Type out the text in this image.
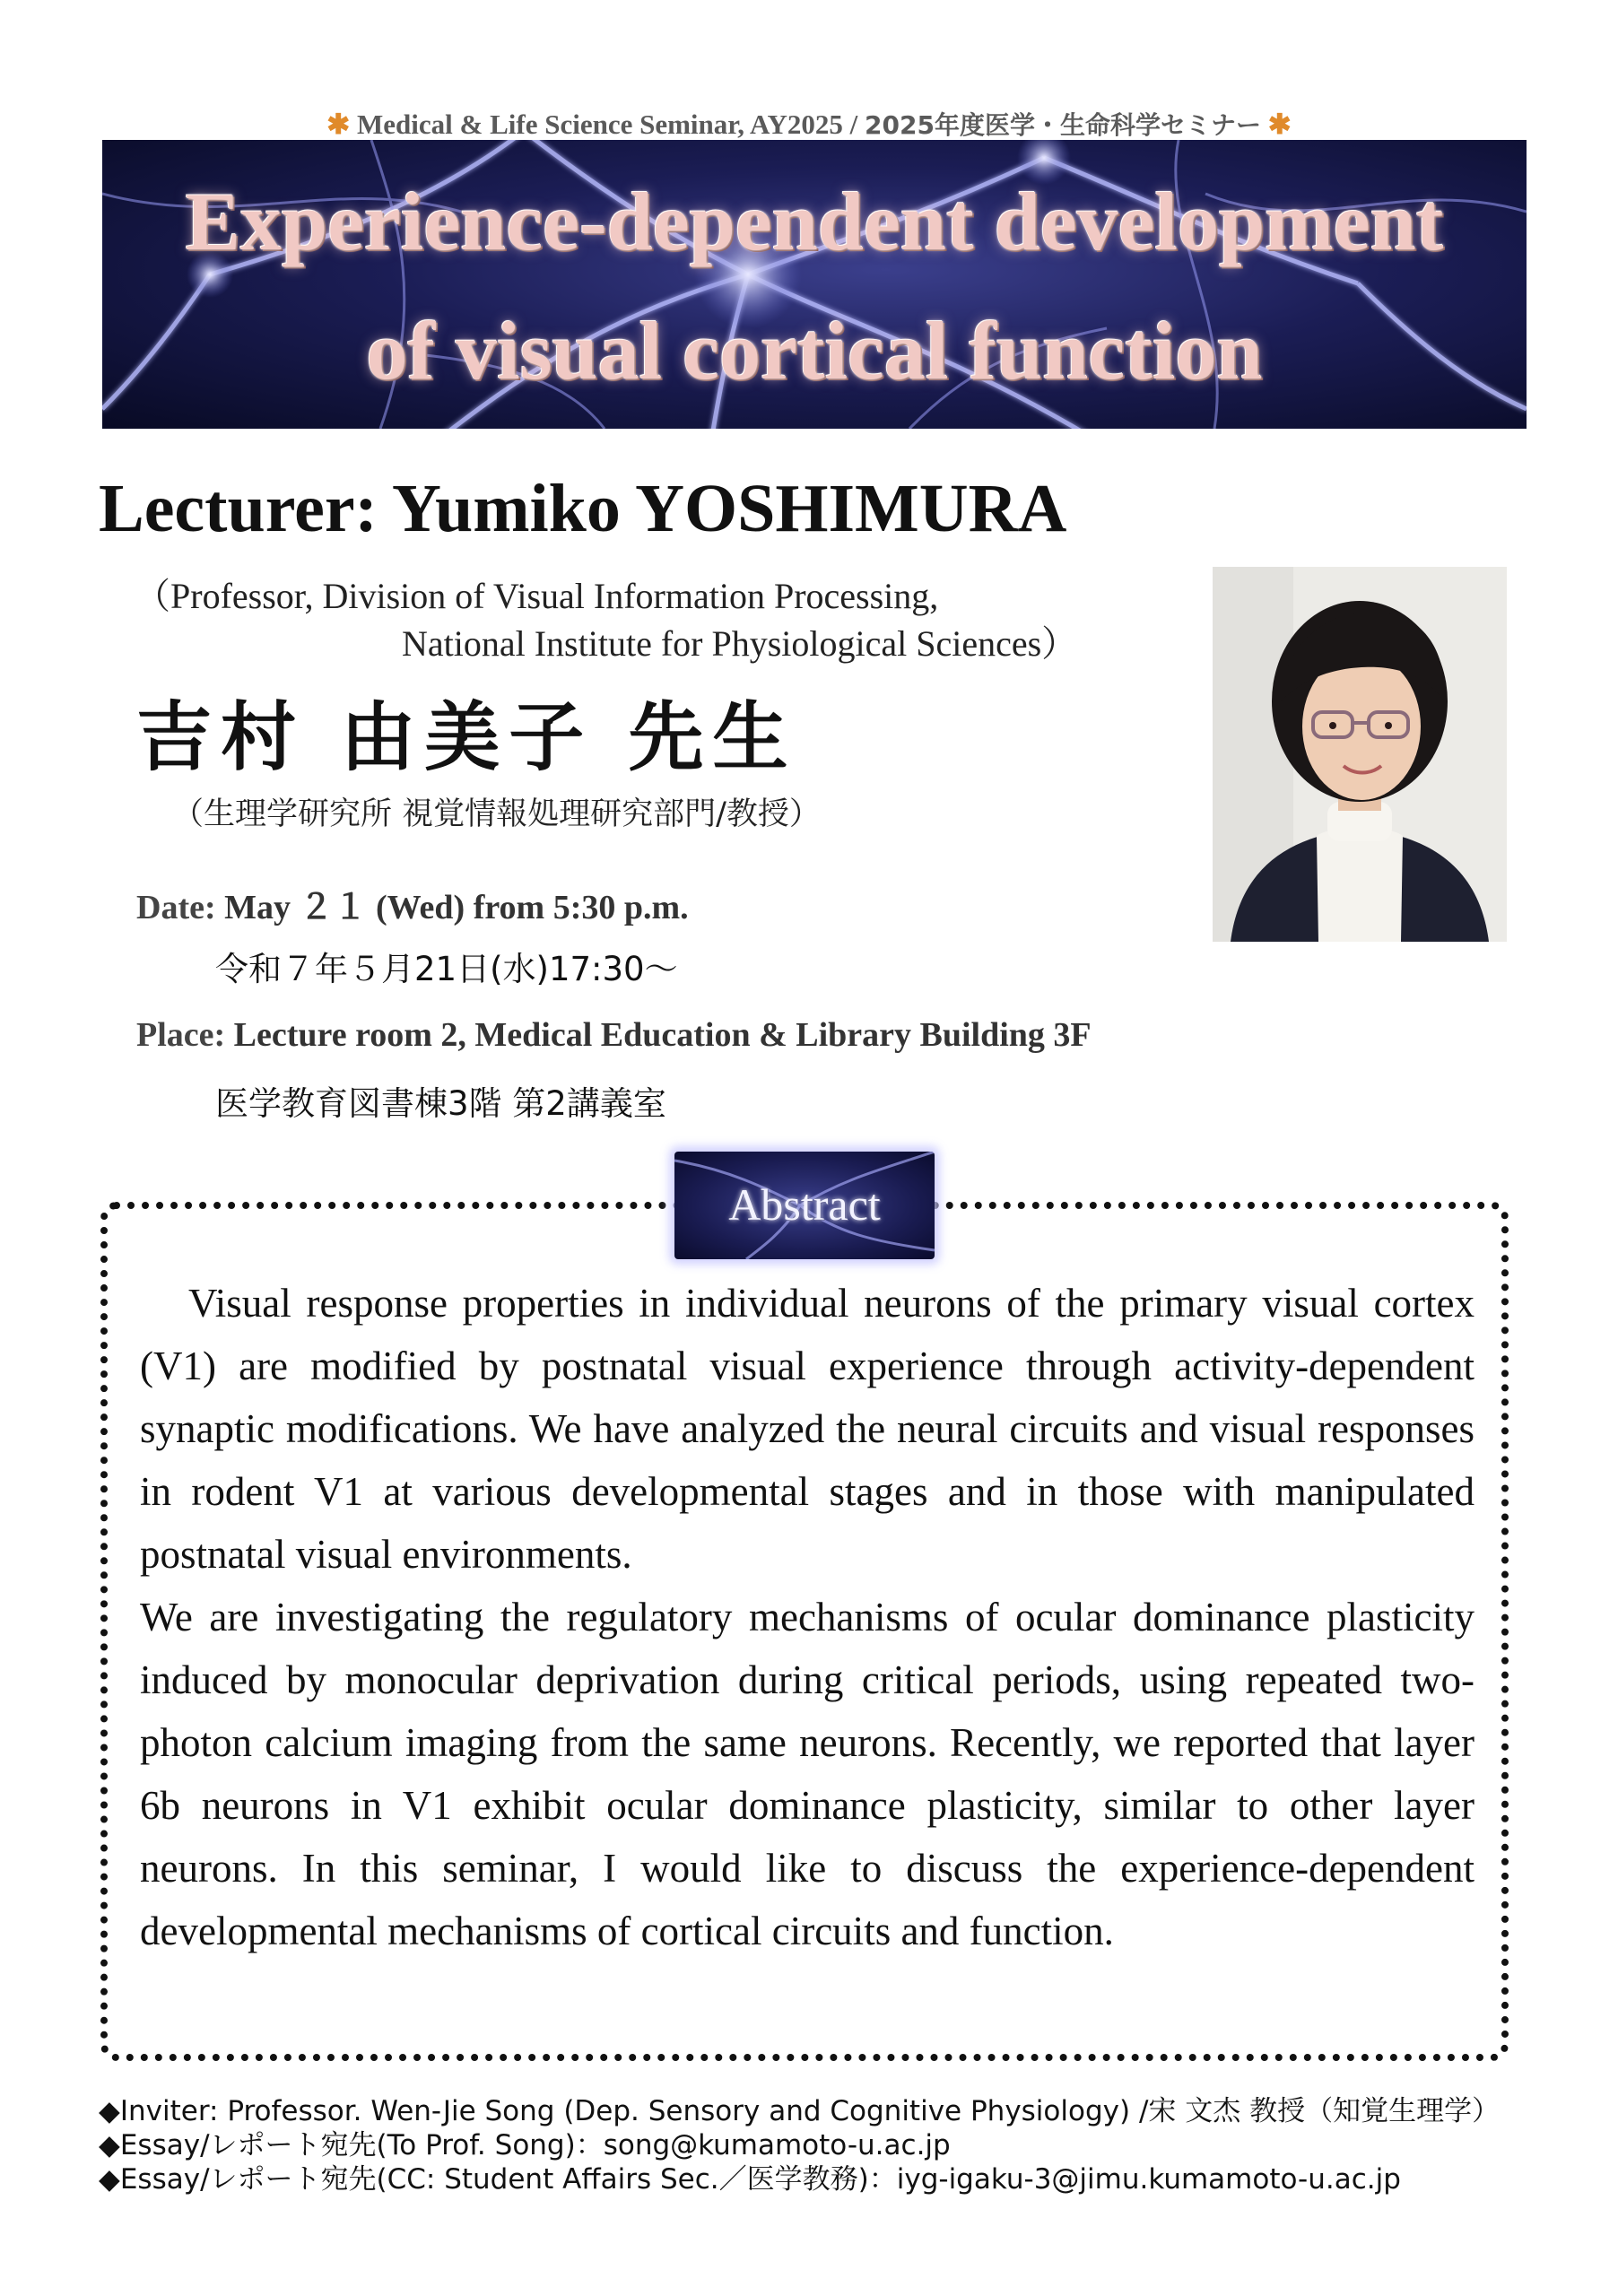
✱ Medical & Life Science Seminar, AY2025 / 2025年度医学・生命科学セミナー ✱
Experience-dependent development
of visual cortical function
Lecturer: Yumiko YOSHIMURA
（Professor, Division of Visual Information Processing,
National Institute for Physiological Sciences）
吉村 由美子 先生
（生理学研究所 視覚情報処理研究部門/教授）
Date: May ２１ (Wed) from 5:30 p.m.
令和７年５月21日(水)17:30〜
Place: Lecture room 2, Medical Education & Library Building 3F
医学教育図書棟3階 第2講義室
Abstract

Visual response properties in individual neurons of the primary visual cortex (V1) are modified by postnatal visual experience through activity-dependent synaptic modifications. We have analyzed the neural circuits and visual responses in rodent V1 at various developmental stages and in those with manipulated postnatal visual environments.

We are investigating the regulatory mechanisms of ocular dominance plasticity induced by monocular deprivation during critical periods, using repeated two-photon calcium imaging from the same neurons. Recently, we reported that layer 6b neurons in V1 exhibit ocular dominance plasticity, similar to other layer neurons. In this seminar, I would like to discuss the experience-dependent developmental mechanisms of cortical circuits and function.

◆Inviter: Professor. Wen-Jie Song (Dep. Sensory and Cognitive Physiology) /宋 文杰 教授（知覚生理学）
◆Essay/レポート宛先(To Prof. Song)：song@kumamoto-u.ac.jp
◆Essay/レポート宛先(CC: Student Affairs Sec.／医学教務)：iyg-igaku-3@jimu.kumamoto-u.ac.jp
